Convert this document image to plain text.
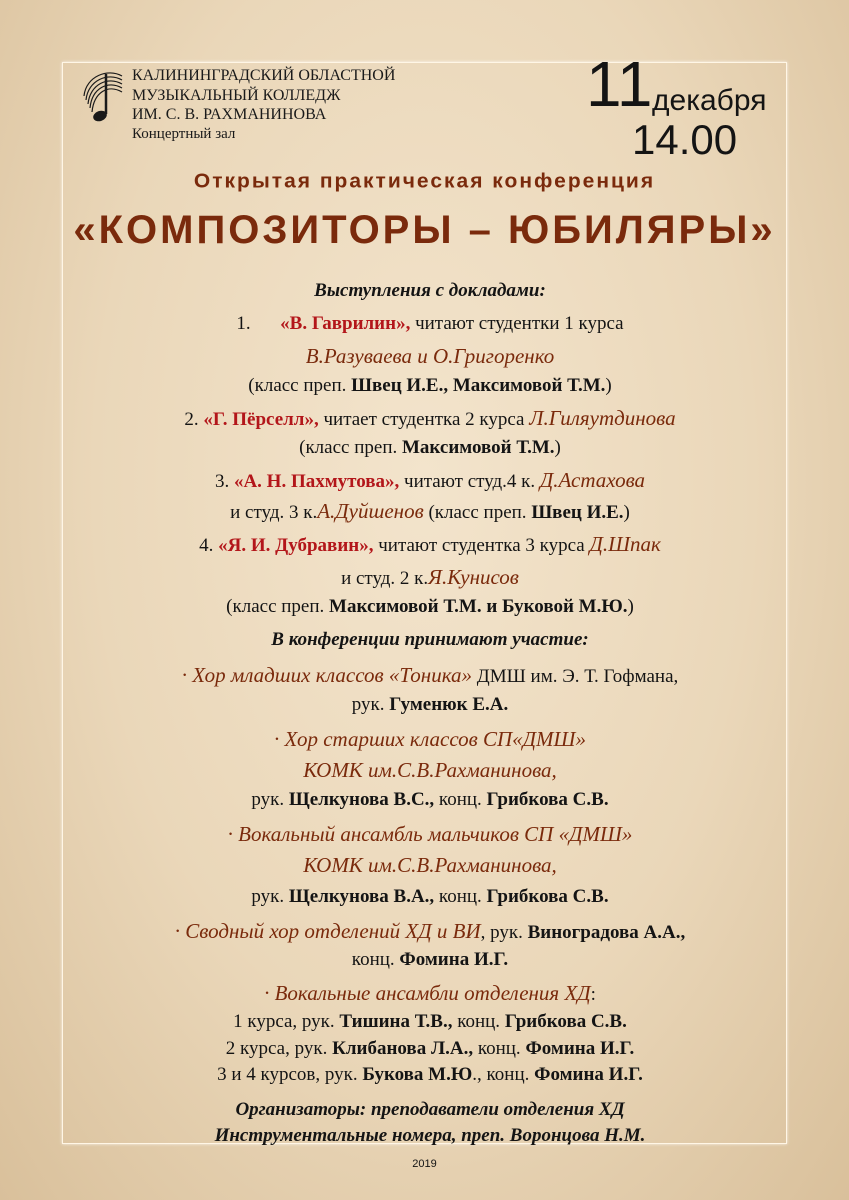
КАЛИНИНГРАДСКИЙ ОБЛАСТНОЙ
МУЗЫКАЛЬНЫЙ КОЛЛЕДЖ
ИМ. С. В. РАХМАНИНОВА
Концертный зал
11 декабря
14.00
Открытая практическая конференция
«КОМПОЗИТОРЫ – ЮБИЛЯРЫ»
Выступления с докладами:
1. «В. Гаврилин», читают студентки 1 курса
В.Разуваева и О.Григоренко
(класс преп. Швец И.Е., Максимовой Т.М.)
2. «Г. Пёрселл», читает студентка 2 курса Л.Гиляутдинова
(класс преп. Максимовой Т.М.)
3. «А. Н. Пахмутова», читают студ.4 к. Д.Астахова
и студ. 3 к.А.Дуйшенов (класс преп. Швец И.Е.)
4. «Я. И. Дубравин», читают студентка 3 курса Д.Шпак
и студ. 2 к.Я.Кунисов
(класс преп. Максимовой Т.М. и Буковой М.Ю.)
В конференции принимают участие:
· Хор младших классов «Тоника» ДМШ им. Э. Т. Гофмана,
рук. Гуменюк Е.А.
· Хор старших классов СП«ДМШ»
КОМК им.С.В.Рахманинова,
рук. Щелкунова В.С., конц. Грибкова С.В.
· Вокальный ансамбль мальчиков СП «ДМШ»
КОМК им.С.В.Рахманинова,
рук. Щелкунова В.А., конц. Грибкова С.В.
· Сводный хор отделений ХД и ВИ, рук. Виноградова А.А.,
конц. Фомина И.Г.
· Вокальные ансамбли отделения ХД:
1 курса, рук. Тишина Т.В., конц. Грибкова С.В.
2 курса, рук. Клибанова Л.А., конц. Фомина И.Г.
3 и 4 курсов, рук. Букова М.Ю., конц. Фомина И.Г.
Организаторы: преподаватели отделения ХД
Инструментальные номера, преп. Воронцова Н.М.
2019
